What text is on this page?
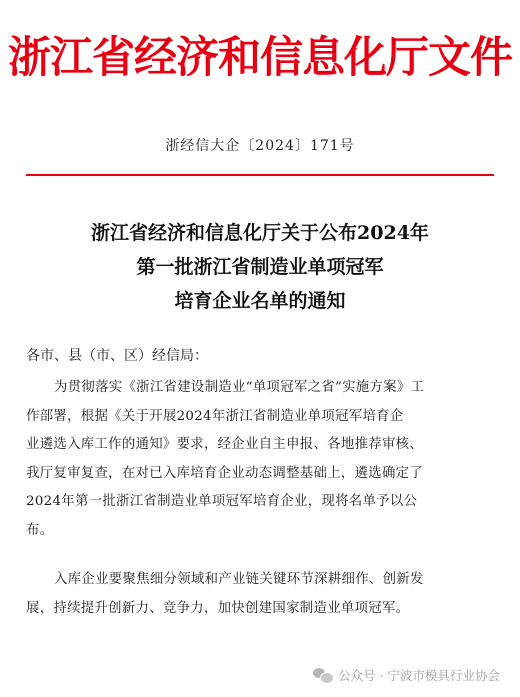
浙江省经济和信息化厅文件
浙经信大企〔2024〕171号
浙江省经济和信息化厅关于公布2024年
第一批浙江省制造业单项冠军
培育企业名单的通知
各市、县（市、区）经信局：
为贯彻落实《浙江省建设制造业“单项冠军之省”实施方案》工
作部署，根据《关于开展2024年浙江省制造业单项冠军培育企
业遴选入库工作的通知》要求，经企业自主申报、各地推荐审核、
我厅复审复查，在对已入库培育企业动态调整基础上，遴选确定了
2024年第一批浙江省制造业单项冠军培育企业，现将名单予以公
布。
入库企业要聚焦细分领域和产业链关键环节深耕细作、创新发
展，持续提升创新力、竞争力，加快创建国家制造业单项冠军。
公众号 · 宁波市模具行业协会
